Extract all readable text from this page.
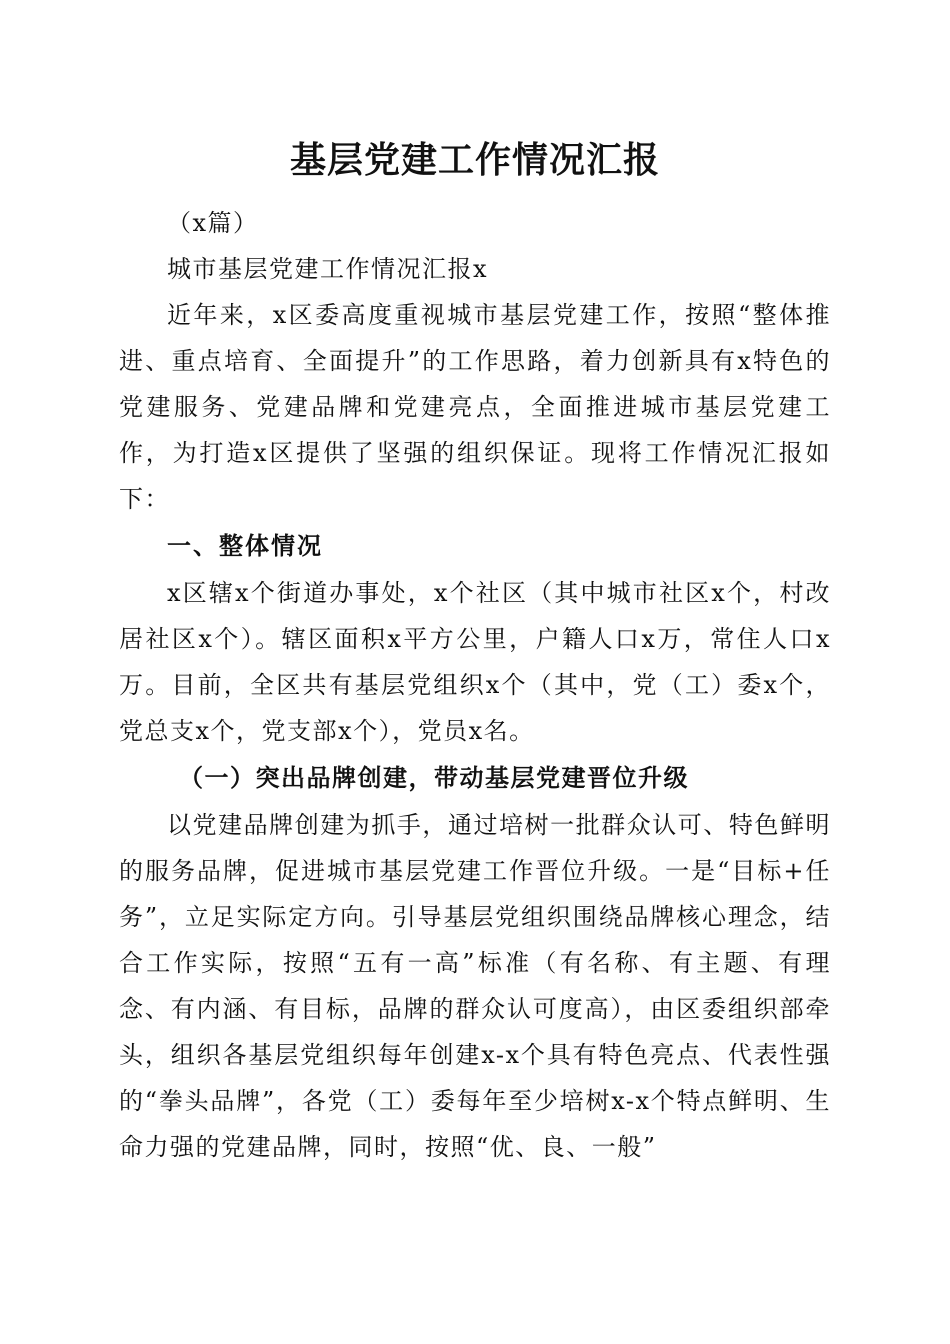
基层党建工作情况汇报

（x篇）

城市基层党建工作情况汇报x

近年来，x区委高度重视城市基层党建工作，按照“整体推进、重点培育、全面提升”的工作思路，着力创新具有x特色的党建服务、党建品牌和党建亮点，全面推进城市基层党建工作，为打造x区提供了坚强的组织保证。现将工作情况汇报如下：

一、整体情况

x区辖x个街道办事处，x个社区（其中城市社区x个，村改居社区x个）。辖区面积x平方公里，户籍人口x万，常住人口x万。目前，全区共有基层党组织x个（其中，党（工）委x个，党总支x个，党支部x个），党员x名。

（一）突出品牌创建，带动基层党建晋位升级

以党建品牌创建为抓手，通过培树一批群众认可、特色鲜明的服务品牌，促进城市基层党建工作晋位升级。一是“目标+任务”，立足实际定方向。引导基层党组织围绕品牌核心理念，结合工作实际，按照“五有一高”标准（有名称、有主题、有理念、有内涵、有目标，品牌的群众认可度高），由区委组织部牵头，组织各基层党组织每年创建x-x个具有特色亮点、代表性强的“拳头品牌”，各党（工）委每年至少培树x-x个特点鲜明、生命力强的党建品牌，同时，按照“优、良、一般”
